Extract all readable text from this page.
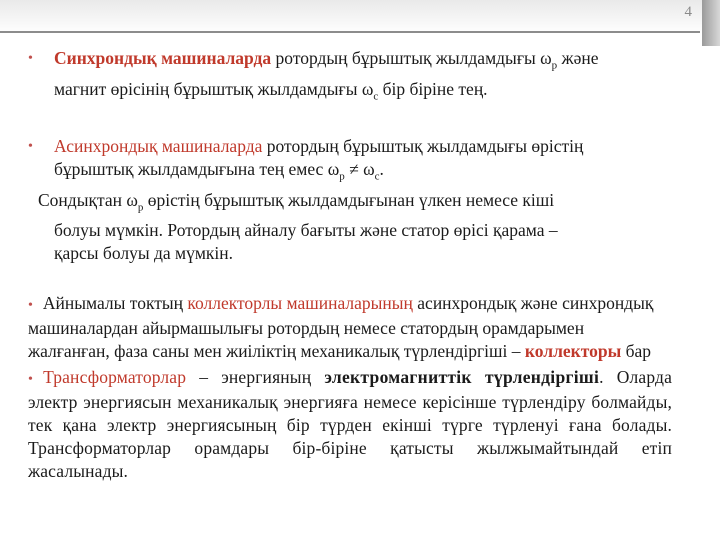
4
•	Синхрондық машиналарда ротордың бұрыштық жылдамдығы $\omega_р$ және
магнит өрісінің бұрыштық жылдамдығы $\omega_с$ бір біріне тең.
•	Асинхрондық машиналарда ротордың бұрыштық жылдамдығы өрістің
бұрыштық жылдамдығына тең емес $\omega_р \ne \omega_с$.
Сондықтан $\omega_р$ өрістің бұрыштық жылдамдығынан үлкен немесе кіші
болуы мүмкін. Ротордың айналу бағыты және статор өрісі қарама –
қарсы болуы да мүмкін.
• Айнымалы токтың коллекторлы машиналарының асинхрондық және синхрондық машиналардан айырмашылығы ротордың немесе статордың орамдарымен жалғанған, фаза саны мен жиіліктің механикалық түрлендіргіші – коллекторы бар
• Трансформаторлар – энергияның электромагниттік түрлендіргіші. Оларда электр энергиясын механикалық энергияға немесе керісінше түрлендіру болмайды, тек қана электр энергиясының бір түрден екінші түрге түрленуі ғана болады. Трансформаторлар орамдары бір-біріне қатысты жылжымайтындай етіп жасалынады.
